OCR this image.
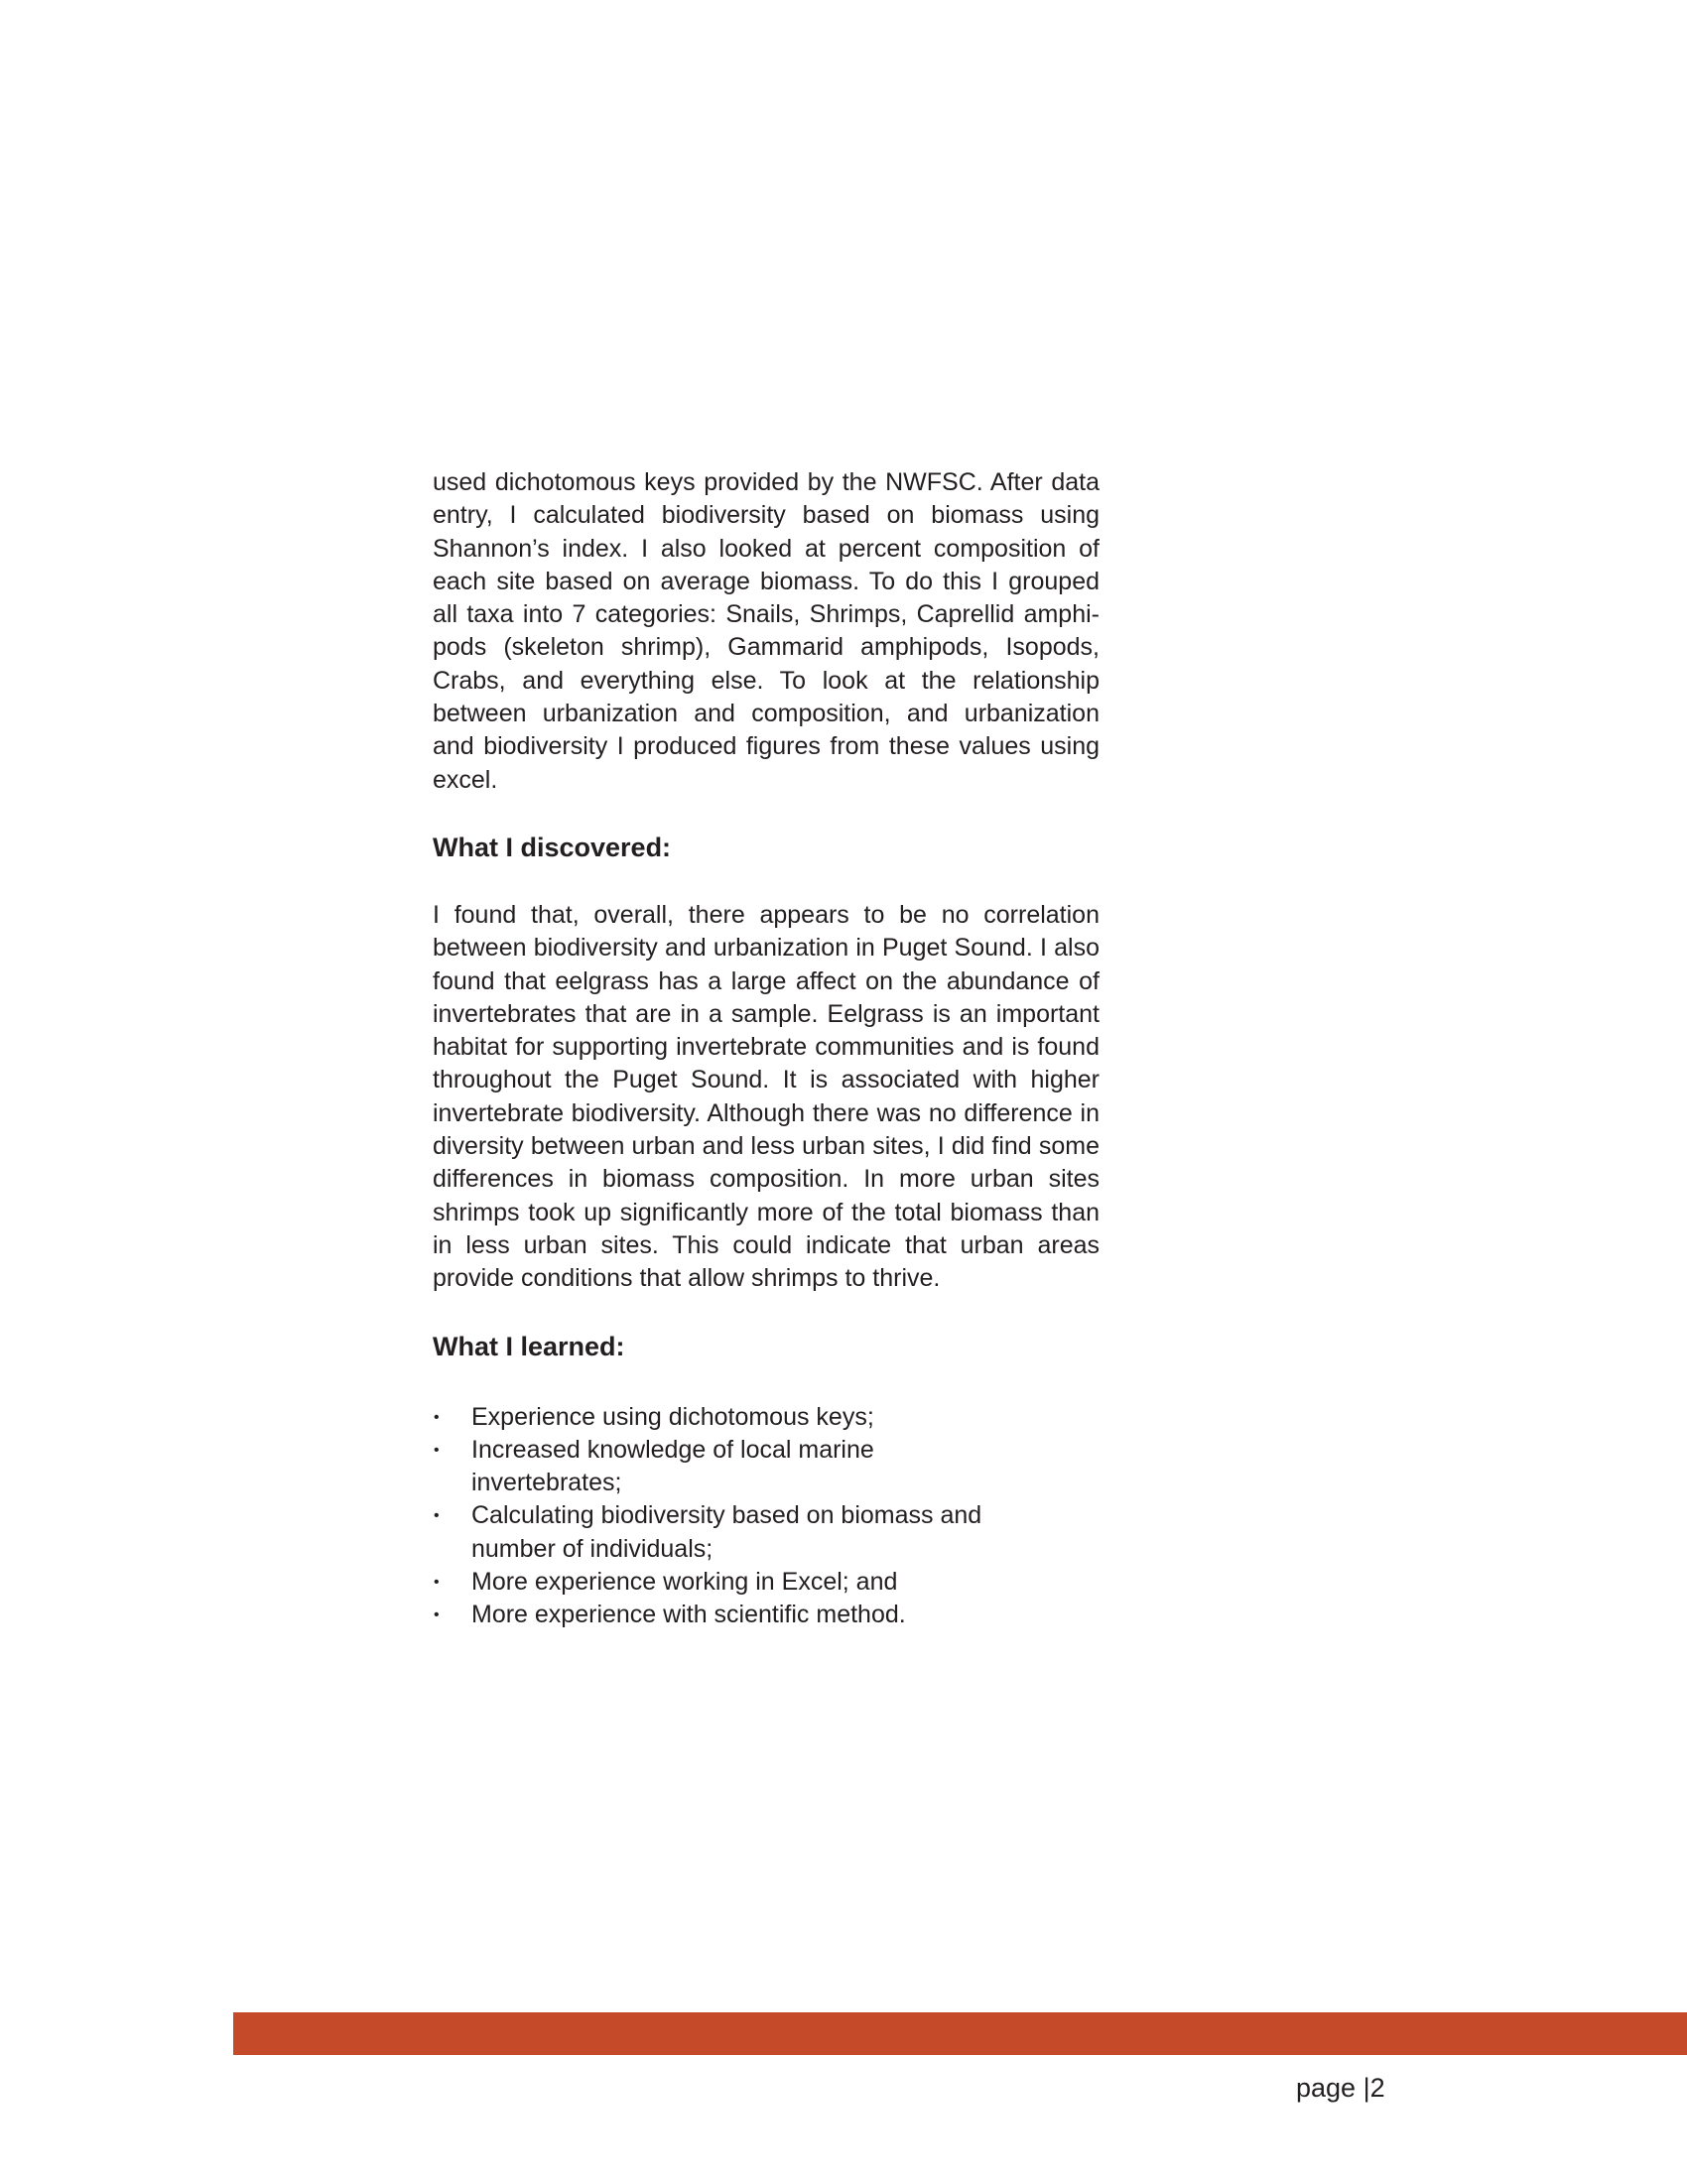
used dichotomous keys provided by the NWFSC. After data entry, I calculated biodiversity based on biomass using Shannon’s index. I also looked at percent composition of each site based on average biomass. To do this I grouped all taxa into 7 categories: Snails, Shrimps, Caprellid amphipods (skeleton shrimp), Gammarid amphipods, Isopods, Crabs, and everything else. To look at the relationship between urbanization and composition, and urbanization and biodiversity I produced figures from these values using excel.

What I discovered:

I found that, overall, there appears to be no correlation between biodiversity and urbanization in Puget Sound. I also found that eelgrass has a large affect on the abundance of invertebrates that are in a sample. Eelgrass is an important habitat for supporting invertebrate communities and is found throughout the Puget Sound. It is associated with higher invertebrate biodiversity. Although there was no difference in diversity between urban and less urban sites, I did find some differences in biomass composition. In more urban sites shrimps took up significantly more of the total biomass than in less urban sites. This could indicate that urban areas provide conditions that allow shrimps to thrive.

What I learned:
• Experience using dichotomous keys;
• Increased knowledge of local marine invertebrates;
• Calculating biodiversity based on biomass and number of individuals;
• More experience working in Excel; and
• More experience with scientific method.
page |2
